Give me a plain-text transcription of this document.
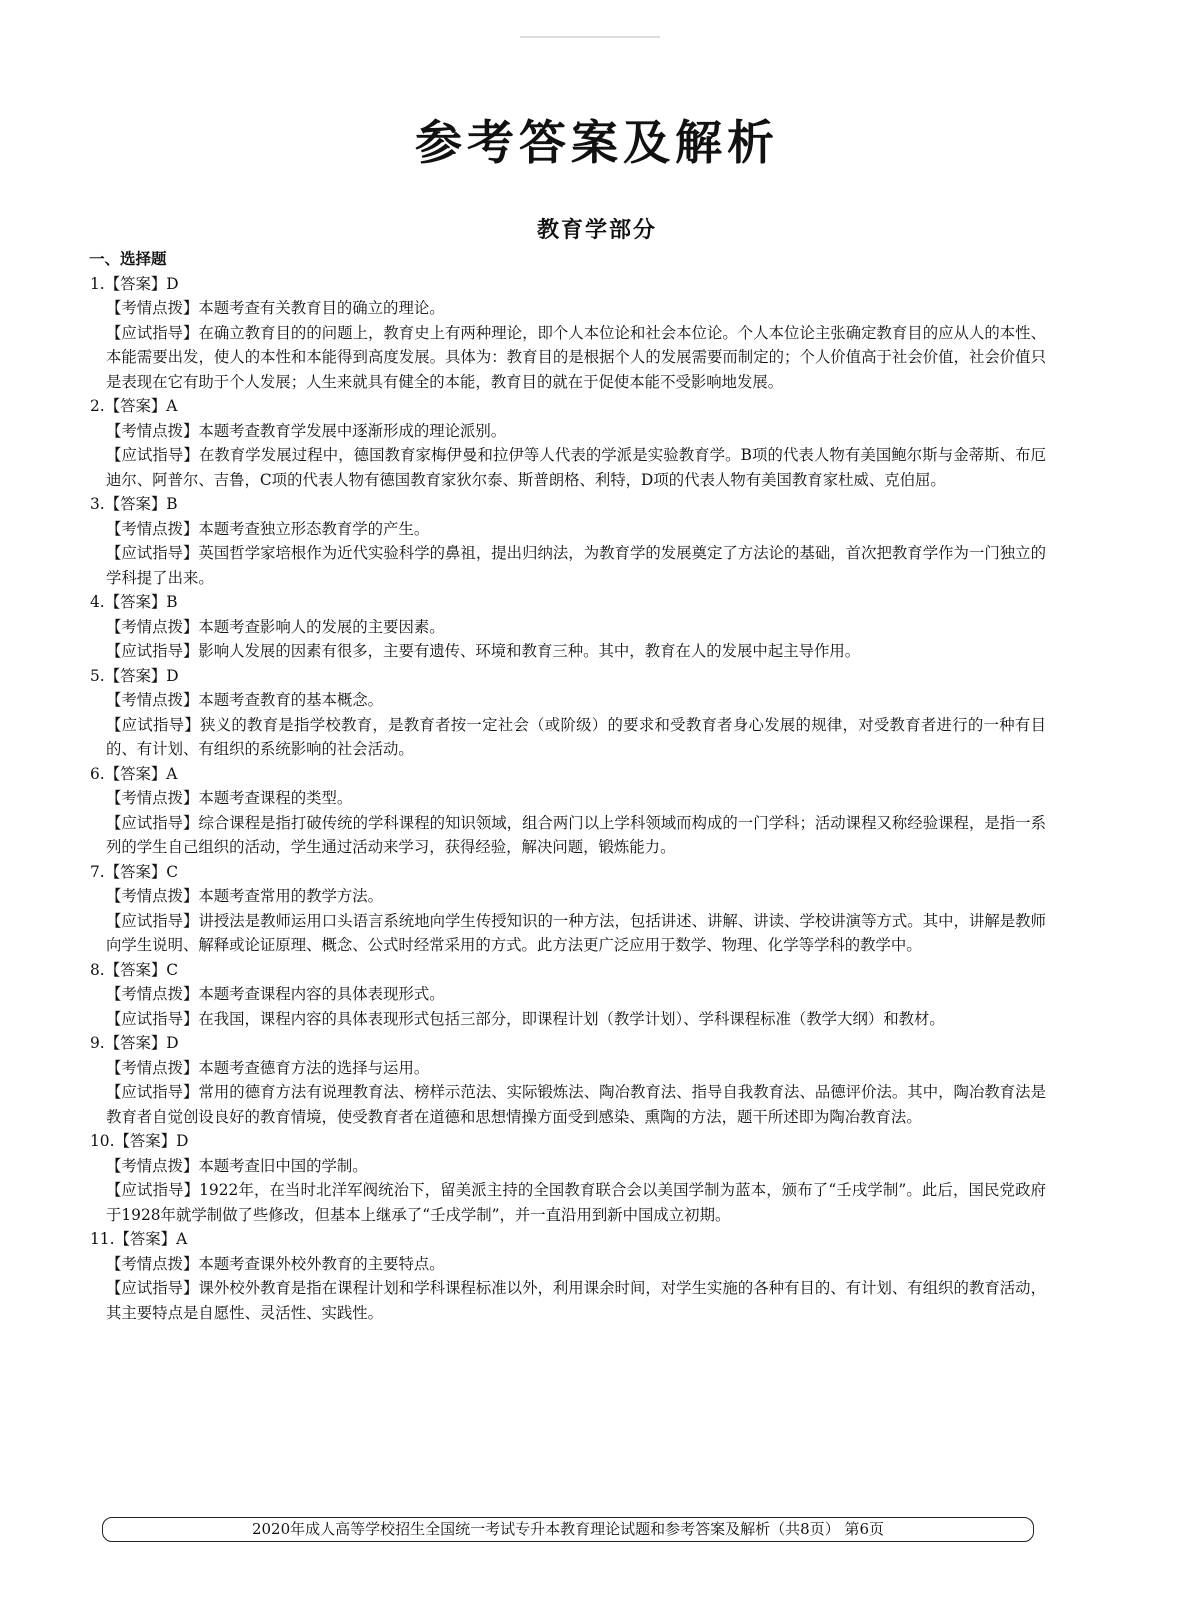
参考答案及解析
教育学部分
一、选择题
1.【答案】D
【考情点拨】本题考查有关教育目的确立的理论。
【应试指导】在确立教育目的的问题上，教育史上有两种理论，即个人本位论和社会本位论。个人本位论主张确定教育目的应从人的本性、本能需要出发，使人的本性和本能得到高度发展。具体为：教育目的是根据个人的发展需要而制定的；个人价值高于社会价值，社会价值只是表现在它有助于个人发展；人生来就具有健全的本能，教育目的就在于促使本能不受影响地发展。
2.【答案】A
【考情点拨】本题考查教育学发展中逐渐形成的理论派别。
【应试指导】在教育学发展过程中，德国教育家梅伊曼和拉伊等人代表的学派是实验教育学。B项的代表人物有美国鲍尔斯与金蒂斯、布厄迪尔、阿普尔、吉鲁，C项的代表人物有德国教育家狄尔泰、斯普朗格、利特，D项的代表人物有美国教育家杜威、克伯屈。
3.【答案】B
【考情点拨】本题考查独立形态教育学的产生。
【应试指导】英国哲学家培根作为近代实验科学的鼻祖，提出归纳法，为教育学的发展奠定了方法论的基础，首次把教育学作为一门独立的学科提了出来。
4.【答案】B
【考情点拨】本题考查影响人的发展的主要因素。
【应试指导】影响人发展的因素有很多，主要有遗传、环境和教育三种。其中，教育在人的发展中起主导作用。
5.【答案】D
【考情点拨】本题考查教育的基本概念。
【应试指导】狭义的教育是指学校教育，是教育者按一定社会（或阶级）的要求和受教育者身心发展的规律，对受教育者进行的一种有目的、有计划、有组织的系统影响的社会活动。
6.【答案】A
【考情点拨】本题考查课程的类型。
【应试指导】综合课程是指打破传统的学科课程的知识领域，组合两门以上学科领域而构成的一门学科；活动课程又称经验课程，是指一系列的学生自己组织的活动，学生通过活动来学习，获得经验，解决问题，锻炼能力。
7.【答案】C
【考情点拨】本题考查常用的教学方法。
【应试指导】讲授法是教师运用口头语言系统地向学生传授知识的一种方法，包括讲述、讲解、讲读、学校讲演等方式。其中，讲解是教师向学生说明、解释或论证原理、概念、公式时经常采用的方式。此方法更广泛应用于数学、物理、化学等学科的教学中。
8.【答案】C
【考情点拨】本题考查课程内容的具体表现形式。
【应试指导】在我国，课程内容的具体表现形式包括三部分，即课程计划（教学计划）、学科课程标准（教学大纲）和教材。
9.【答案】D
【考情点拨】本题考查德育方法的选择与运用。
【应试指导】常用的德育方法有说理教育法、榜样示范法、实际锻炼法、陶冶教育法、指导自我教育法、品德评价法。其中，陶冶教育法是教育者自觉创设良好的教育情境，使受教育者在道德和思想情操方面受到感染、熏陶的方法，题干所述即为陶冶教育法。
10.【答案】D
【考情点拨】本题考查旧中国的学制。
【应试指导】1922年，在当时北洋军阀统治下，留美派主持的全国教育联合会以美国学制为蓝本，颁布了“壬戌学制”。此后，国民党政府于1928年就学制做了些修改，但基本上继承了“壬戌学制”，并一直沿用到新中国成立初期。
11.【答案】A
【考情点拨】本题考查课外校外教育的主要特点。
【应试指导】课外校外教育是指在课程计划和学科课程标准以外，利用课余时间，对学生实施的各种有目的、有计划、有组织的教育活动，其主要特点是自愿性、灵活性、实践性。
2020年成人高等学校招生全国统一考试专升本教育理论试题和参考答案及解析（共8页） 第6页
